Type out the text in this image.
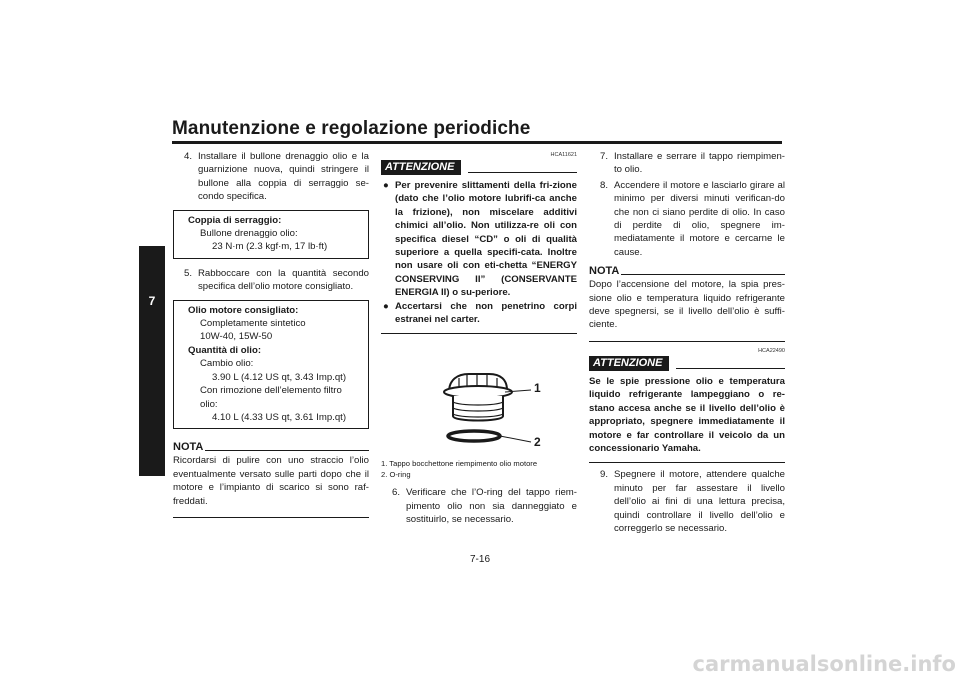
Manutenzione e regolazione periodiche
7
4. Installare il bullone drenaggio olio e la guarnizione nuova, quindi stringere il bullone alla coppia di serraggio se-condo specifica.
Coppia di serraggio:
Bullone drenaggio olio:
23 N·m (2.3 kgf·m, 17 lb·ft)
5. Rabboccare con la quantità secondo specifica dell’olio motore consigliato.
Olio motore consigliato:
Completamente sintetico
10W-40, 15W-50
Quantità di olio:
Cambio olio:
3.90 L (4.12 US qt, 3.43 Imp.qt)
Con rimozione dell’elemento filtro
olio:
4.10 L (4.33 US qt, 3.61 Imp.qt)
NOTA

Ricordarsi di pulire con uno straccio l’olio eventualmente versato sulle parti dopo che il motore e l’impianto di scarico si sono raf-freddati.

HCA11621
ATTENZIONE
● Per prevenire slittamenti della fri-zione (dato che l’olio motore lubrifi-ca anche la frizione), non miscelare additivi chimici all’olio. Non utilizza-re oli con specifica diesel “CD” o oli di qualità superiore a quella specifi-cata. Inoltre non usare oli con eti-chetta “ENERGY CONSERVING II” (CONSERVANTE ENERGIA II) o su-periore.
● Accertarsi che non penetrino corpi estranei nel carter.
1
2
1. Tappo bocchettone riempimento olio motore
2. O-ring
6. Verificare che l’O-ring del tappo riem-pimento olio non sia danneggiato e sostituirlo, se necessario.
7. Installare e serrare il tappo riempimen-to olio.
8. Accendere il motore e lasciarlo girare al minimo per diversi minuti verifican-do che non ci siano perdite di olio. In caso di perdite di olio, spegnere im-mediatamente il motore e cercarne le cause.
NOTA

Dopo l’accensione del motore, la spia pres-sione olio e temperatura liquido refrigerante deve spegnersi, se il livello dell’olio è suffi-ciente.

HCA22490
ATTENZIONE
Se le spie pressione olio e temperatura liquido refrigerante lampeggiano o re-stano accesa anche se il livello dell’olio è appropriato, spegnere immediatamente il motore e far controllare il veicolo da un concessionario Yamaha.
9. Spegnere il motore, attendere qualche minuto per far assestare il livello dell’olio ai fini di una lettura precisa, quindi controllare il livello dell’olio e correggerlo se necessario.
7-16
carmanualsonline.info
